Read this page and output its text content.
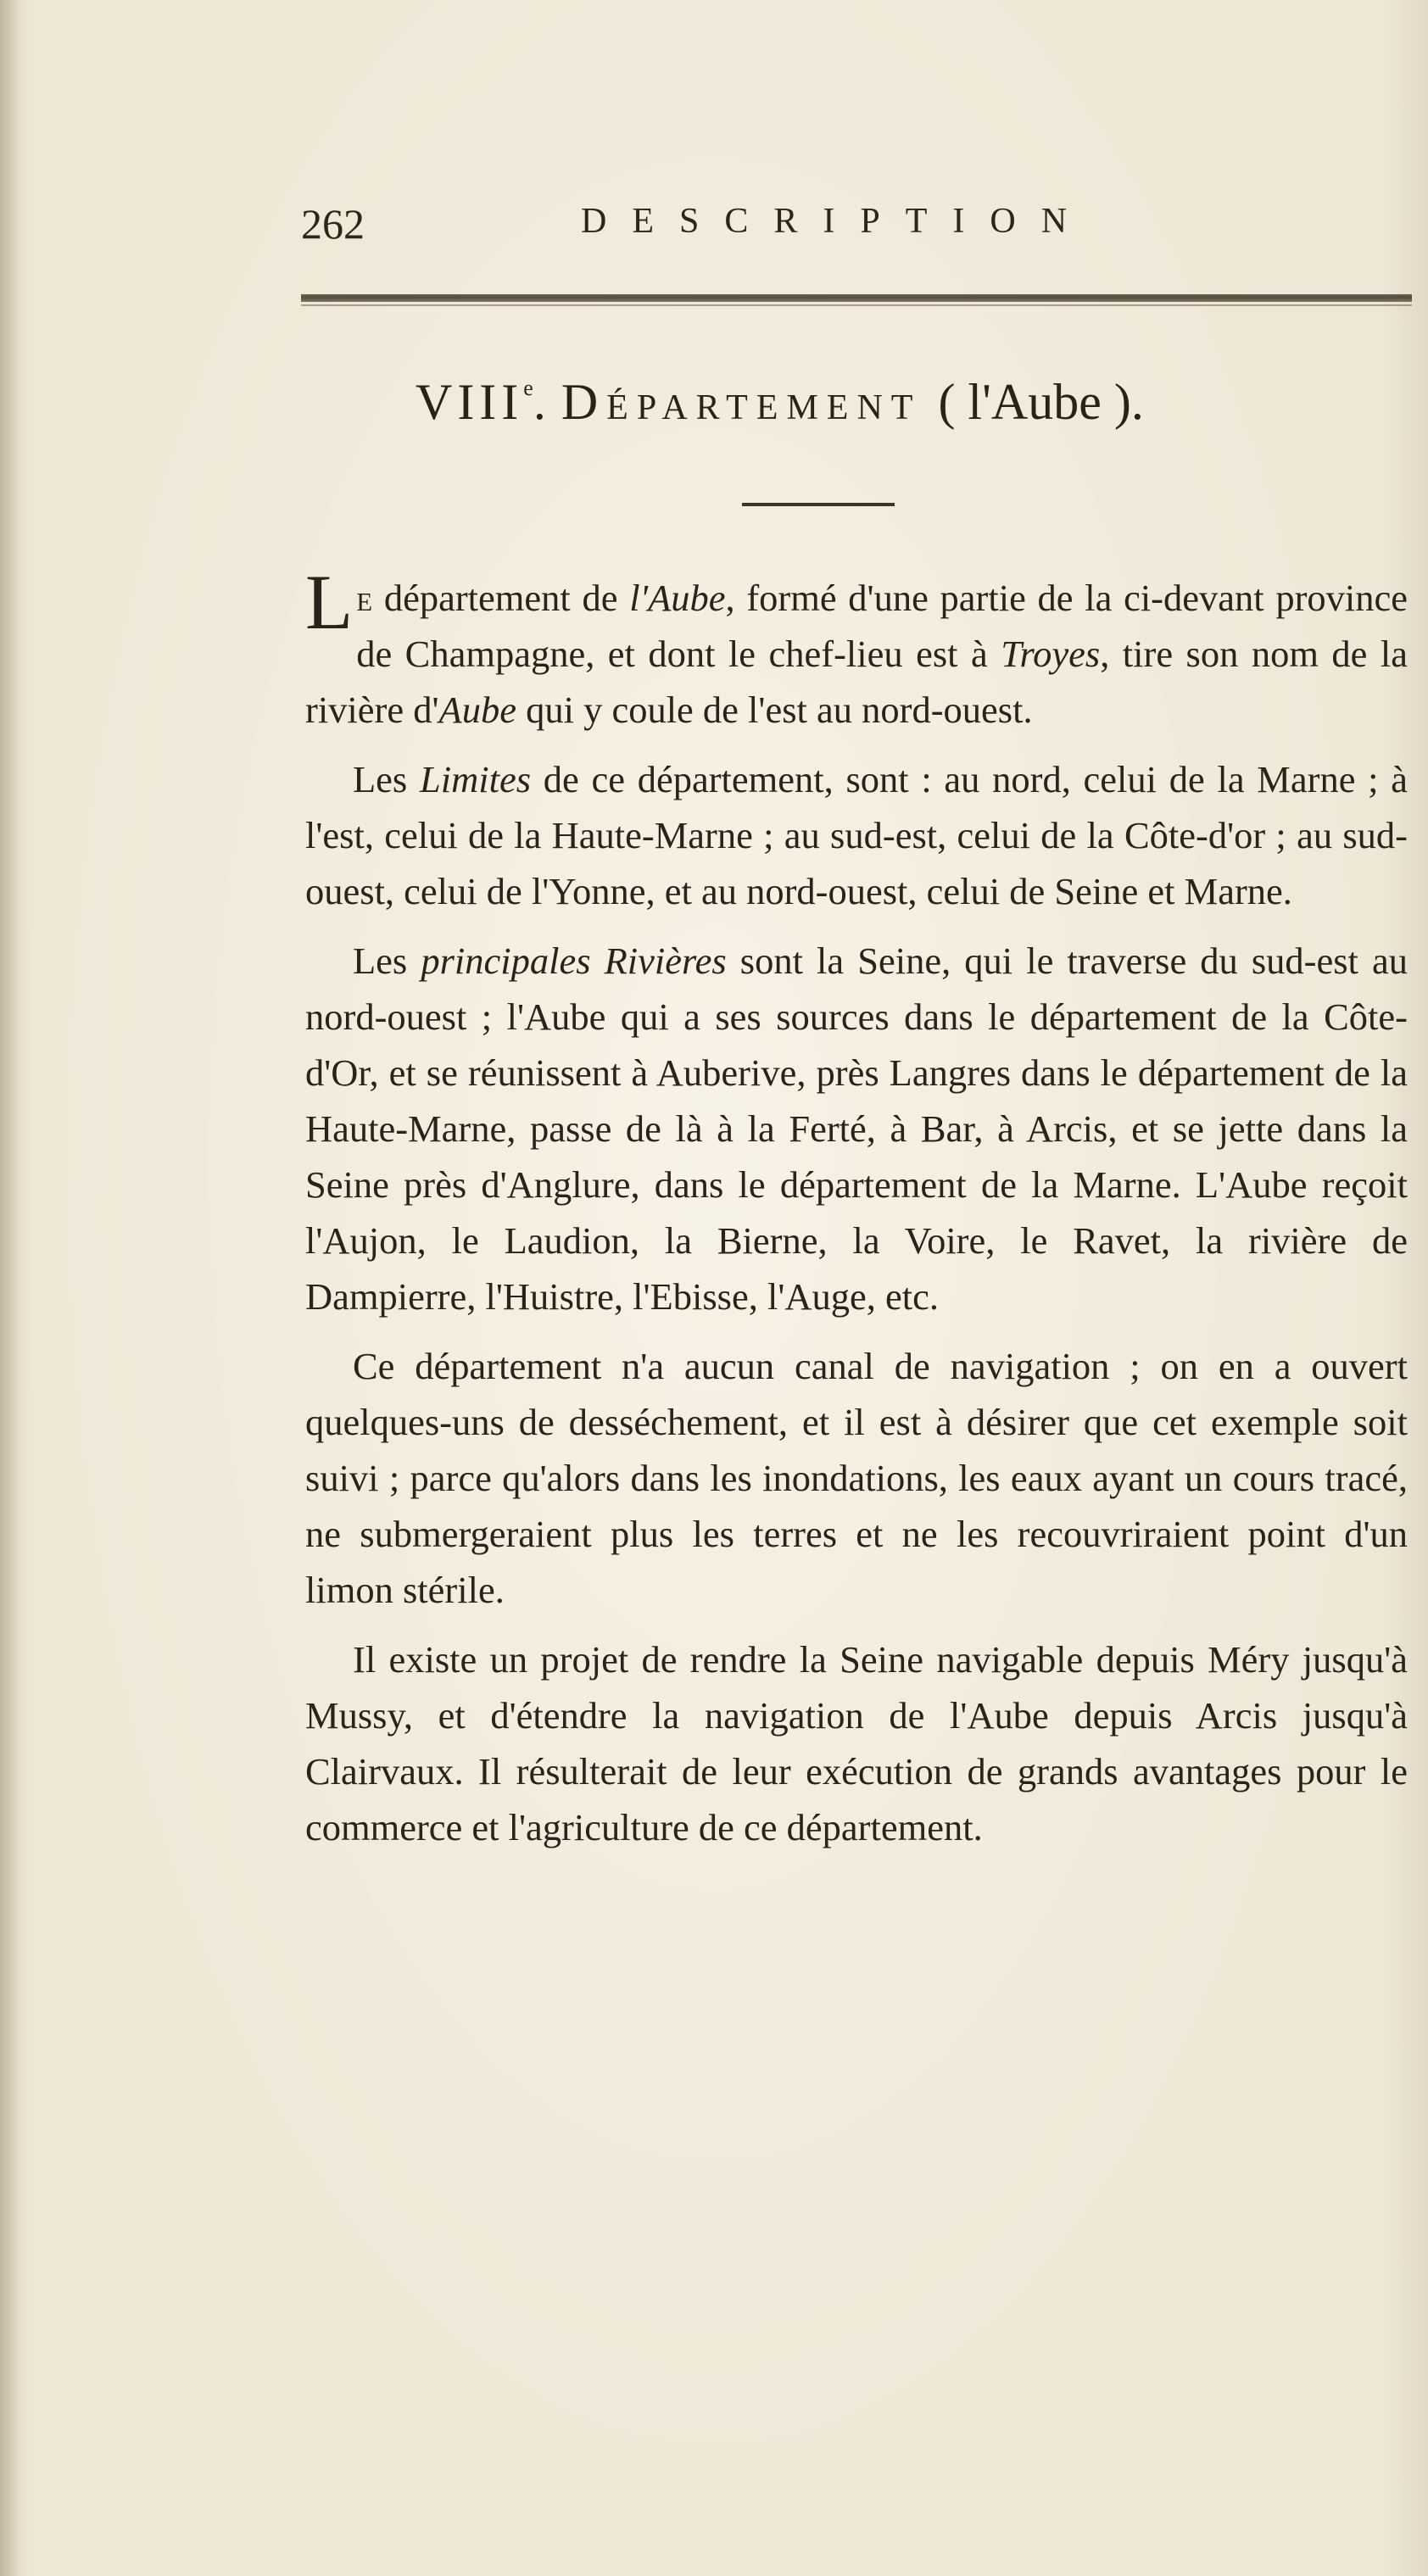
262	DESCRIPTION
VIIIe. Département ( l'Aube ).

Le département de l'Aube, formé d'une partie de la ci-devant province de Champagne, et dont le chef-lieu est à Troyes, tire son nom de la rivière d'Aube qui y coule de l'est au nord-ouest.

Les Limites de ce département, sont : au nord, celui de la Marne ; à l'est, celui de la Haute-Marne ; au sud-est, celui de la Côte-d'or ; au sud-ouest, celui de l'Yonne, et au nord-ouest, celui de Seine et Marne.

Les principales Rivières sont la Seine, qui le traverse du sud-est au nord-ouest ; l'Aube qui a ses sources dans le département de la Côte-d'Or, et se réunissent à Auberive, près Langres dans le département de la Haute-Marne, passe de là à la Ferté, à Bar, à Arcis, et se jette dans la Seine près d'Anglure, dans le département de la Marne. L'Aube reçoit l'Aujon, le Laudion, la Bierne, la Voire, le Ravet, la rivière de Dampierre, l'Huistre, l'Ebisse, l'Auge, etc.

Ce département n'a aucun canal de navigation ; on en a ouvert quelques-uns de desséchement, et il est à désirer que cet exemple soit suivi ; parce qu'alors dans les inondations, les eaux ayant un cours tracé, ne submergeraient plus les terres et ne les recouvriraient point d'un limon stérile.

Il existe un projet de rendre la Seine navigable depuis Méry jusqu'à Mussy, et d'étendre la navigation de l'Aube depuis Arcis jusqu'à Clairvaux. Il résulterait de leur exécution de grands avantages pour le commerce et l'agriculture de ce département.
